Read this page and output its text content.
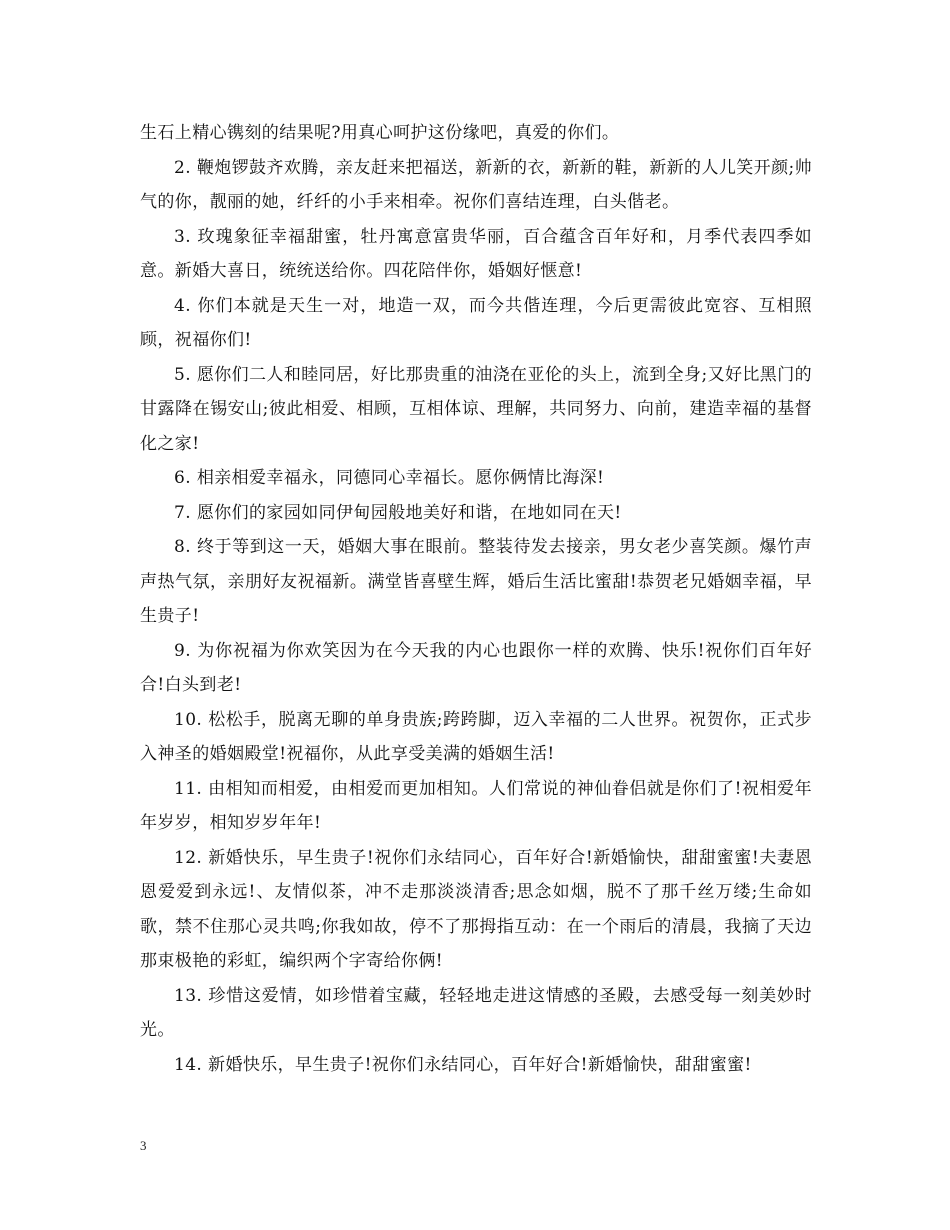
生石上精心镌刻的结果呢?用真心呵护这份缘吧，真爱的你们。

2. 鞭炮锣鼓齐欢腾，亲友赶来把福送，新新的衣，新新的鞋，新新的人儿笑开颜;帅气的你，靓丽的她，纤纤的小手来相牵。祝你们喜结连理，白头偕老。

3. 玫瑰象征幸福甜蜜，牡丹寓意富贵华丽，百合蕴含百年好和，月季代表四季如意。新婚大喜日，统统送给你。四花陪伴你，婚姻好惬意!

4. 你们本就是天生一对，地造一双，而今共偕连理，今后更需彼此宽容、互相照顾，祝福你们!

5. 愿你们二人和睦同居，好比那贵重的油浇在亚伦的头上，流到全身;又好比黑门的甘露降在锡安山;彼此相爱、相顾，互相体谅、理解，共同努力、向前，建造幸福的基督化之家!

6. 相亲相爱幸福永，同德同心幸福长。愿你俩情比海深!

7. 愿你们的家园如同伊甸园般地美好和谐，在地如同在天!

8. 终于等到这一天，婚姻大事在眼前。整装待发去接亲，男女老少喜笑颜。爆竹声声热气氛，亲朋好友祝福新。满堂皆喜壁生辉，婚后生活比蜜甜!恭贺老兄婚姻幸福，早生贵子!

9. 为你祝福为你欢笑因为在今天我的内心也跟你一样的欢腾、快乐!祝你们百年好合!白头到老!

10. 松松手，脱离无聊的单身贵族;跨跨脚，迈入幸福的二人世界。祝贺你，正式步入神圣的婚姻殿堂!祝福你，从此享受美满的婚姻生活!

11. 由相知而相爱，由相爱而更加相知。人们常说的神仙眷侣就是你们了!祝相爱年年岁岁，相知岁岁年年!

12. 新婚快乐，早生贵子!祝你们永结同心，百年好合!新婚愉快，甜甜蜜蜜!夫妻恩恩爱爱到永远!、友情似茶，冲不走那淡淡清香;思念如烟，脱不了那千丝万缕;生命如歌，禁不住那心灵共鸣;你我如故，停不了那拇指互动：在一个雨后的清晨，我摘了天边那束极艳的彩虹，编织两个字寄给你俩!

13. 珍惜这爱情，如珍惜着宝藏，轻轻地走进这情感的圣殿，去感受每一刻美妙时光。

14. 新婚快乐，早生贵子!祝你们永结同心，百年好合!新婚愉快，甜甜蜜蜜!

3
